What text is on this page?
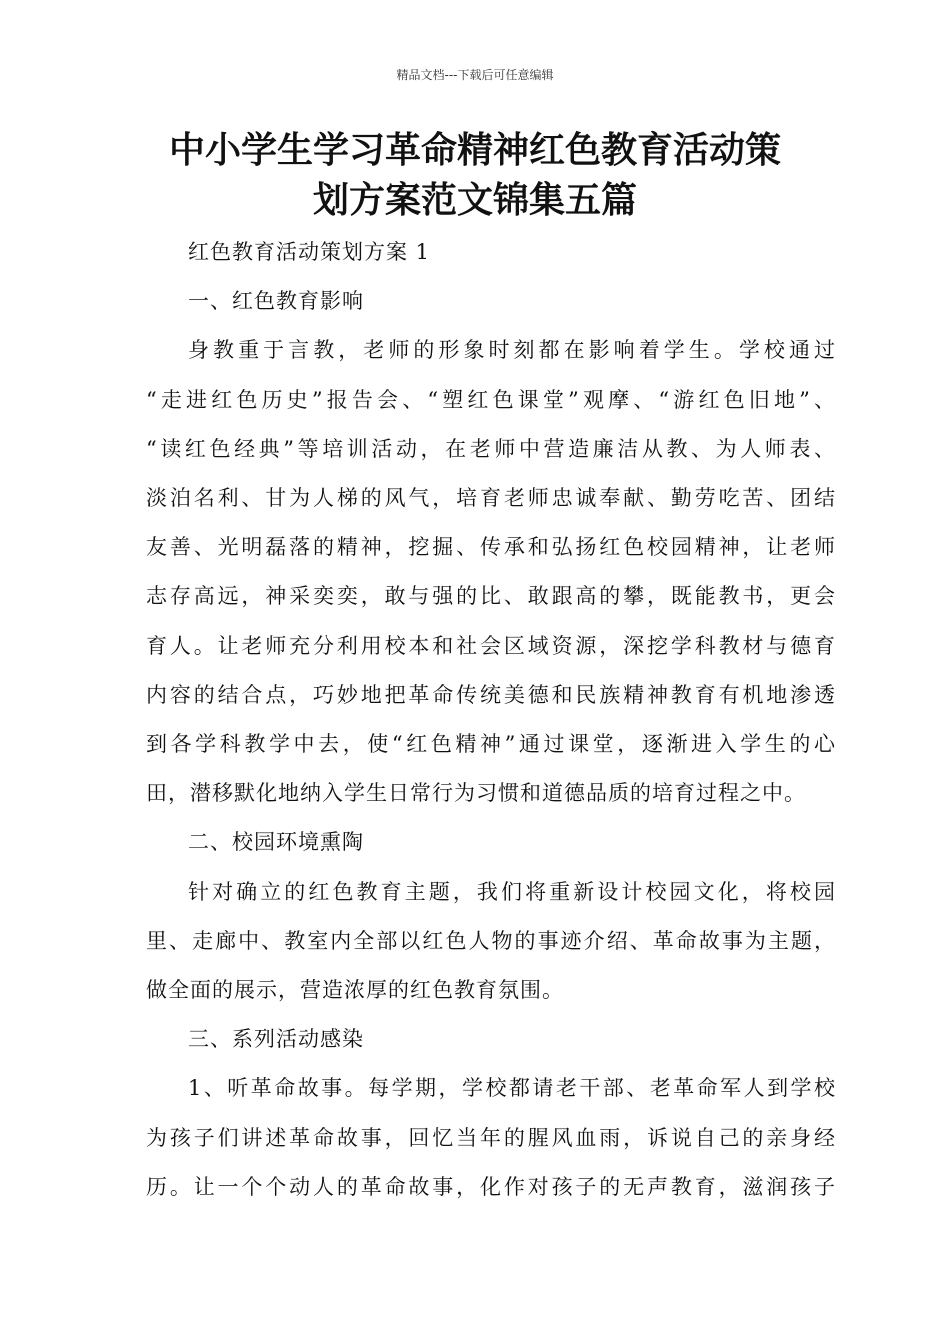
精品文档---下载后可任意编辑
中小学生学习革命精神红色教育活动策
划方案范文锦集五篇

红色教育活动策划方案 1

一、红色教育影响

身教重于言教，老师的形象时刻都在影响着学生。学校通过

“走进红色历史”报告会、“塑红色课堂”观摩、“游红色旧地”、

“读红色经典”等培训活动，在老师中营造廉洁从教、为人师表、

淡泊名利、甘为人梯的风气，培育老师忠诚奉献、勤劳吃苦、团结

友善、光明磊落的精神，挖掘、传承和弘扬红色校园精神，让老师

志存高远，神采奕奕，敢与强的比、敢跟高的攀，既能教书，更会

育人。让老师充分利用校本和社会区域资源，深挖学科教材与德育

内容的结合点，巧妙地把革命传统美德和民族精神教育有机地渗透

到各学科教学中去，使“红色精神”通过课堂，逐渐进入学生的心

田，潜移默化地纳入学生日常行为习惯和道德品质的培育过程之中。

二、校园环境熏陶

针对确立的红色教育主题，我们将重新设计校园文化，将校园

里、走廊中、教室内全部以红色人物的事迹介绍、革命故事为主题，

做全面的展示，营造浓厚的红色教育氛围。

三、系列活动感染

1、听革命故事。每学期，学校都请老干部、老革命军人到学校

为孩子们讲述革命故事，回忆当年的腥风血雨，诉说自己的亲身经

历。让一个个动人的革命故事，化作对孩子的无声教育，滋润孩子
